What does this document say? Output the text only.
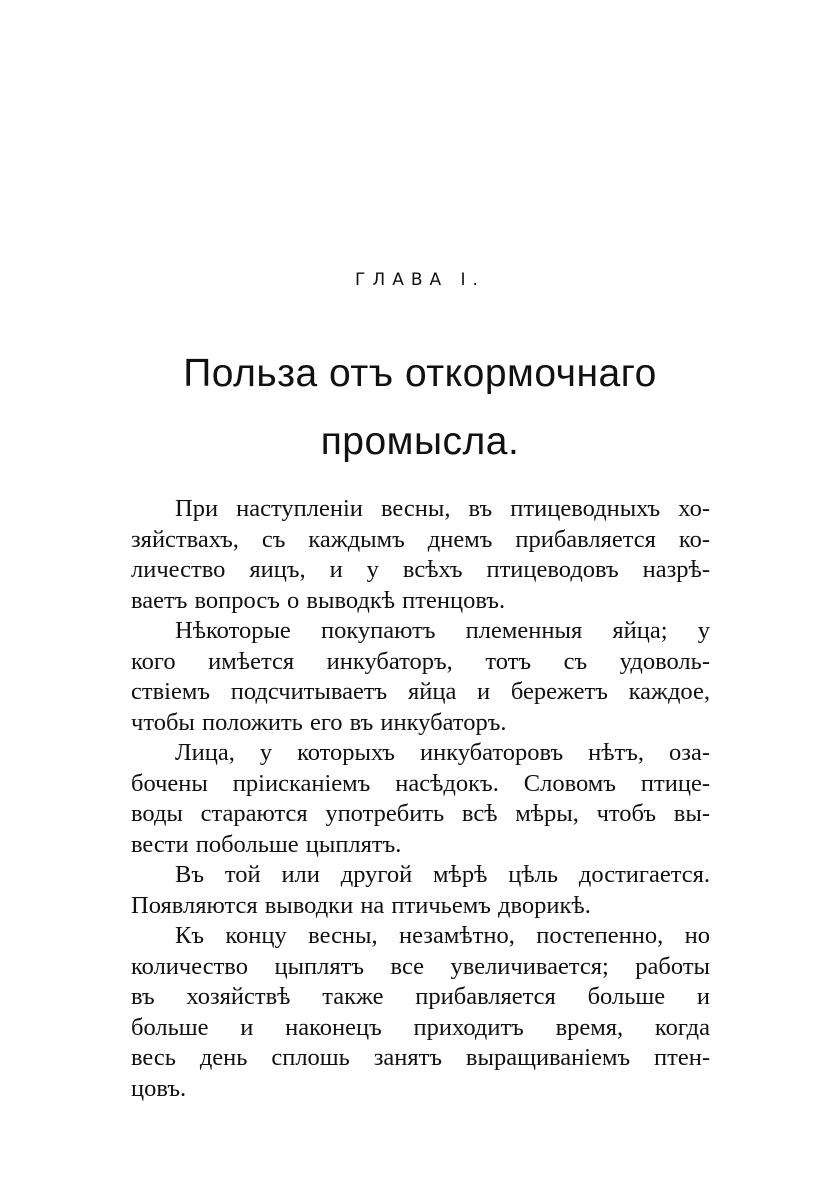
ГЛАВА I.
Польза отъ откормочнаго
промысла.
При наступленіи весны, въ птицеводныхъ хо-
зяйствахъ, съ каждымъ днемъ прибавляется ко-
личество яицъ, и у всѣхъ птицеводовъ назрѣ-
ваетъ вопросъ о выводкѣ птенцовъ.
Нѣкоторые покупаютъ племенныя яйца; у
кого имѣется инкубаторъ, тотъ съ удоволь-
ствіемъ подсчитываетъ яйца и бережетъ каждое,
чтобы положить его въ инкубаторъ.
Лица, у которыхъ инкубаторовъ нѣтъ, оза-
бочены пріисканіемъ насѣдокъ. Словомъ птице-
воды стараются употребить всѣ мѣры, чтобъ вы-
вести побольше цыплятъ.
Въ той или другой мѣрѣ цѣль достигается.
Появляются выводки на птичьемъ дворикѣ.
Къ концу весны, незамѣтно, постепенно, но
количество цыплятъ все увеличивается; работы
въ хозяйствѣ также прибавляется больше и
больше и наконецъ приходитъ время, когда
весь день сплошь занятъ выращиваніемъ птен-
цовъ.
